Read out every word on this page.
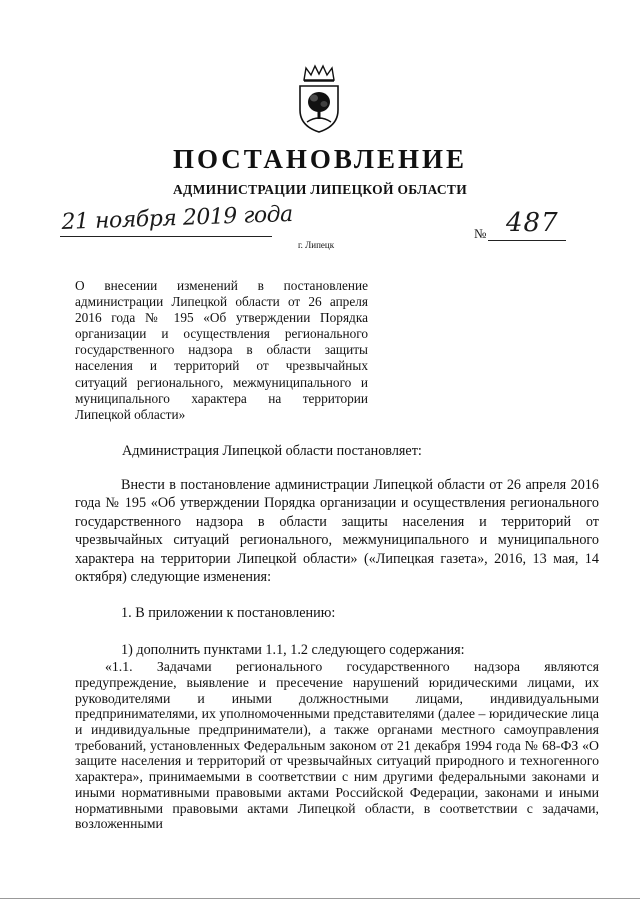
ПОСТАНОВЛЕНИЕ
АДМИНИСТРАЦИИ ЛИПЕЦКОЙ ОБЛАСТИ
21 ноября 2019 года
г. Липецк
№ 487
О внесении изменений в постановление администрации Липецкой области от 26 апреля 2016 года № 195 «Об утверждении Порядка организации и осуществления регионального государственного надзора в области защиты населения и территорий от чрезвычайных ситуаций регионального, межмуниципального и муниципального характера на территории Липецкой области»
Администрация Липецкой области постановляет:

Внести в постановление администрации Липецкой области от 26 апреля 2016 года № 195 «Об утверждении Порядка организации и осуществления регионального государственного надзора в области защиты населения и территорий от чрезвычайных ситуаций регионального, межмуниципального и муниципального характера на территории Липецкой области» («Липецкая газета», 2016, 13 мая, 14 октября) следующие изменения:

1. В приложении к постановлению:

1) дополнить пунктами 1.1, 1.2 следующего содержания:

«1.1. Задачами регионального государственного надзора являются предупреждение, выявление и пресечение нарушений юридическими лицами, их руководителями и иными должностными лицами, индивидуальными предпринимателями, их уполномоченными представителями (далее – юридические лица и индивидуальные предприниматели), а также органами местного самоуправления требований, установленных Федеральным законом от 21 декабря 1994 года № 68-ФЗ «О защите населения и территорий от чрезвычайных ситуаций природного и техногенного характера», принимаемыми в соответствии с ним другими федеральными законами и иными нормативными правовыми актами Российской Федерации, законами и иными нормативными правовыми актами Липецкой области, в соответствии с задачами, возложенными
